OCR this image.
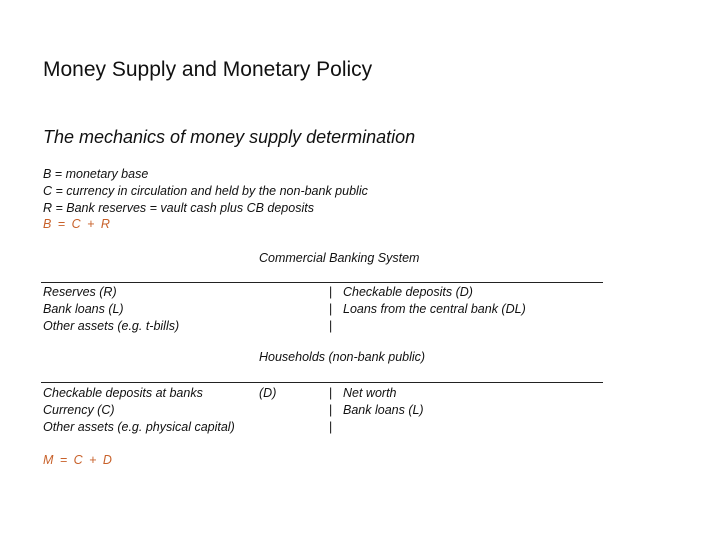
Money Supply and Monetary Policy
The mechanics of money supply determination
B = monetary base
C = currency in circulation and held by the non-bank public
R = Bank reserves = vault cash plus CB deposits
B = C + R
Commercial Banking System
Reserves (R)
Bank loans (L)
Other assets (e.g. t-bills)
| Checkable deposits (D)
| Loans from the central bank (DL)
|
Households (non-bank public)
Checkable deposits at banks	(D)
Currency (C)
Other assets (e.g. physical capital)
| Net worth
| Bank loans (L)
|
M = C + D
